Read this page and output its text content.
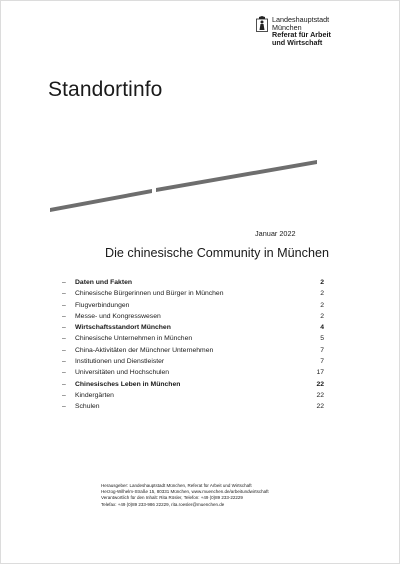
Landeshauptstadt
München
Referat für Arbeit
und Wirtschaft
Standortinfo
Januar 2022
Die chinesische Community in München
–	Daten und Fakten	2
–	Chinesische Bürgerinnen und Bürger in München	2
–	Flugverbindungen	2
–	Messe- und Kongresswesen	2
–	Wirtschaftsstandort München	4
–	Chinesische Unternehmen in München	5
–	China-Aktivitäten der Münchner Unternehmen	7
–	Institutionen und Dienstleister	7
–	Universitäten und Hochschulen	17
–	Chinesisches Leben in München	22
–	Kindergärten	22
–	Schulen	22
Herausgeber: Landeshauptstadt München, Referat für Arbeit und Wirtschaft
Herzog-Wilhelm-Straße 15, 80331 München, www.muenchen.de/arbeitundwirtschaft
Verantwortlich für den Inhalt: Rita Rösler, Telefon: +49 (0)89 233-22229
Telefax: +49 (0)89 233-986 22229, rita.roesler@muenchen.de
